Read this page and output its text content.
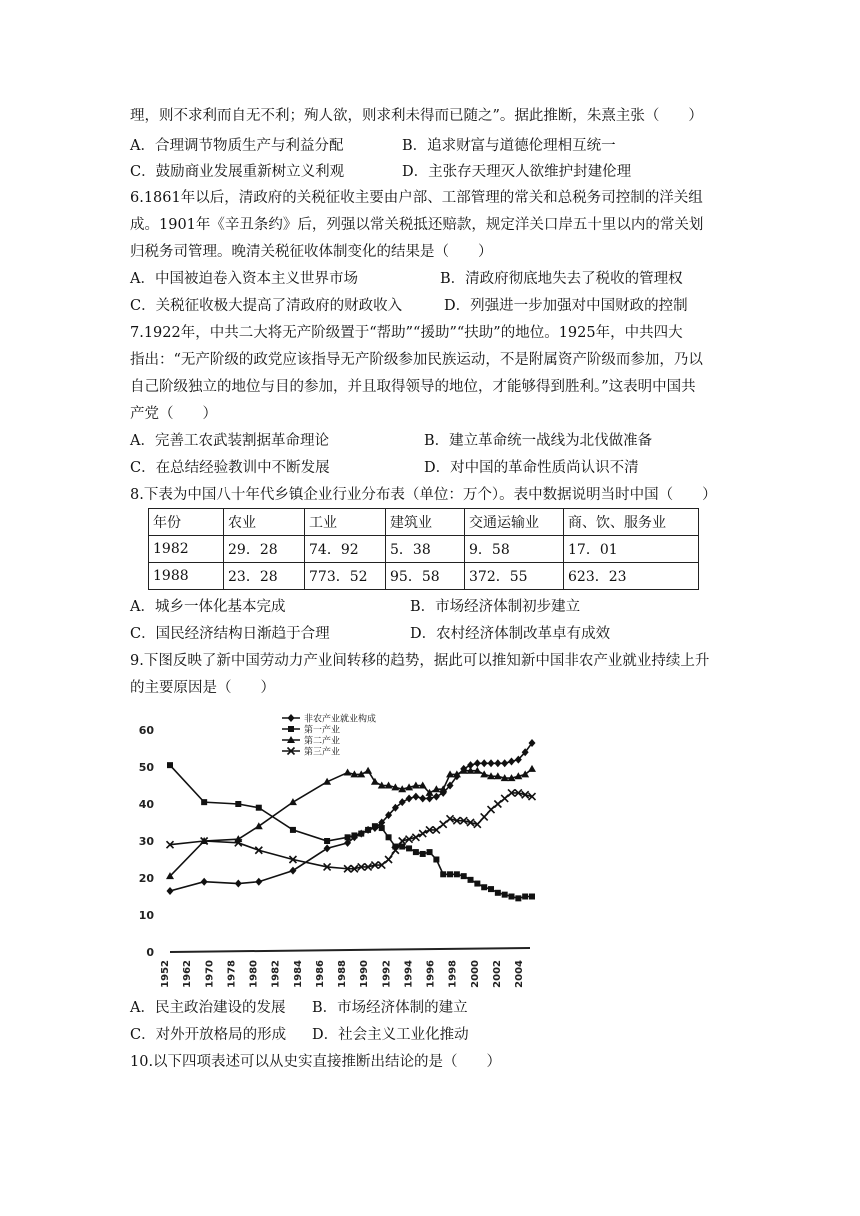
理，则不求利而自无不利；殉人欲，则求利未得而已随之”。据此推断，朱熹主张（　　）
A．合理调节物质生产与利益分配	B．追求财富与道德伦理相互统一
C．鼓励商业发展重新树立义利观	D．主张存天理灭人欲维护封建伦理
6.1861年以后，清政府的关税征收主要由户部、工部管理的常关和总税务司控制的洋关组
成。1901年《辛丑条约》后，列强以常关税抵还赔款，规定洋关口岸五十里以内的常关划
归税务司管理。晚清关税征收体制变化的结果是（　　）
A．中国被迫卷入资本主义世界市场	B．清政府彻底地失去了税收的管理权
C．关税征收极大提高了清政府的财政收入	D．列强进一步加强对中国财政的控制
7.1922年，中共二大将无产阶级置于“帮助”“援助”“扶助”的地位。1925年，中共四大
指出：“无产阶级的政党应该指导无产阶级参加民族运动，不是附属资产阶级而参加，乃以
自己阶级独立的地位与目的参加，并且取得领导的地位，才能够得到胜利。”这表明中国共
产党（　　）
A．完善工农武装割据革命理论	B．建立革命统一战线为北伐做准备
C．在总结经验教训中不断发展	D．对中国的革命性质尚认识不清
8.下表为中国八十年代乡镇企业行业分布表（单位：万个）。表中数据说明当时中国（　　）
年份	农业	工业	建筑业	交通运输业	商、饮、服务业
1982	29．28	74．92	5．38	9．58	17．01
1988	23．28	773．52	95．58	372．55	623．23
A．城乡一体化基本完成	B．市场经济体制初步建立
C．国民经济结构日渐趋于合理	D．农村经济体制改革卓有成效
9.下图反映了新中国劳动力产业间转移的趋势，据此可以推知新中国非农产业就业持续上升
的主要原因是（　　）
0
10
20
30
40
50
60
1952 1962 1970 1978 1980 1982 1984 1986 1988 1990 1992 1994 1996 1998 2000 2002 2004
非农产业就业构成
第一产业
第二产业
第三产业
A．民主政治建设的发展 B．市场经济体制的建立
C．对外开放格局的形成 D．社会主义工业化推动
10.以下四项表述可以从史实直接推断出结论的是（　　）
